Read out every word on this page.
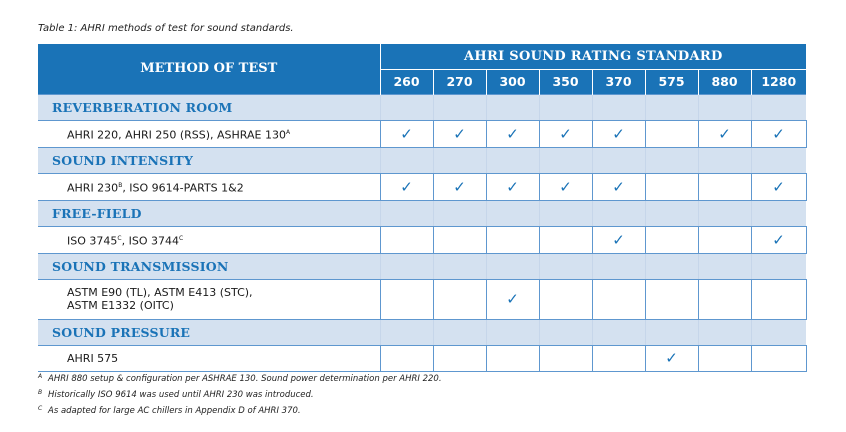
Table 1: AHRI methods of test for sound standards.
METHOD OF TEST	AHRI SOUND RATING STANDARD							
	260	270	300	350	370	575	880	1280
REVERBERATION ROOM								
AHRI 220, AHRI 250 (RSS), ASHRAE $130^A$	✓	✓	✓	✓	✓		✓	✓
SOUND INTENSITY								
AHRI $230^B$, ISO 9614-PARTS 1&2	✓	✓	✓	✓	✓			✓
FREE-FIELD								
ISO $3745^C$, ISO $3744^C$					✓			✓
SOUND TRANSMISSION								

ASTM E90 (TL), ASTM E413 (STC),
ASTM E1332 (OITC)			✓					
SOUND PRESSURE								
AHRI 575						✓		
A AHRI 880 setup & configuration per ASHRAE 130. Sound power determination per AHRI 220.
B Historically ISO 9614 was used until AHRI 230 was introduced.
C As adapted for large AC chillers in Appendix D of AHRI 370.
